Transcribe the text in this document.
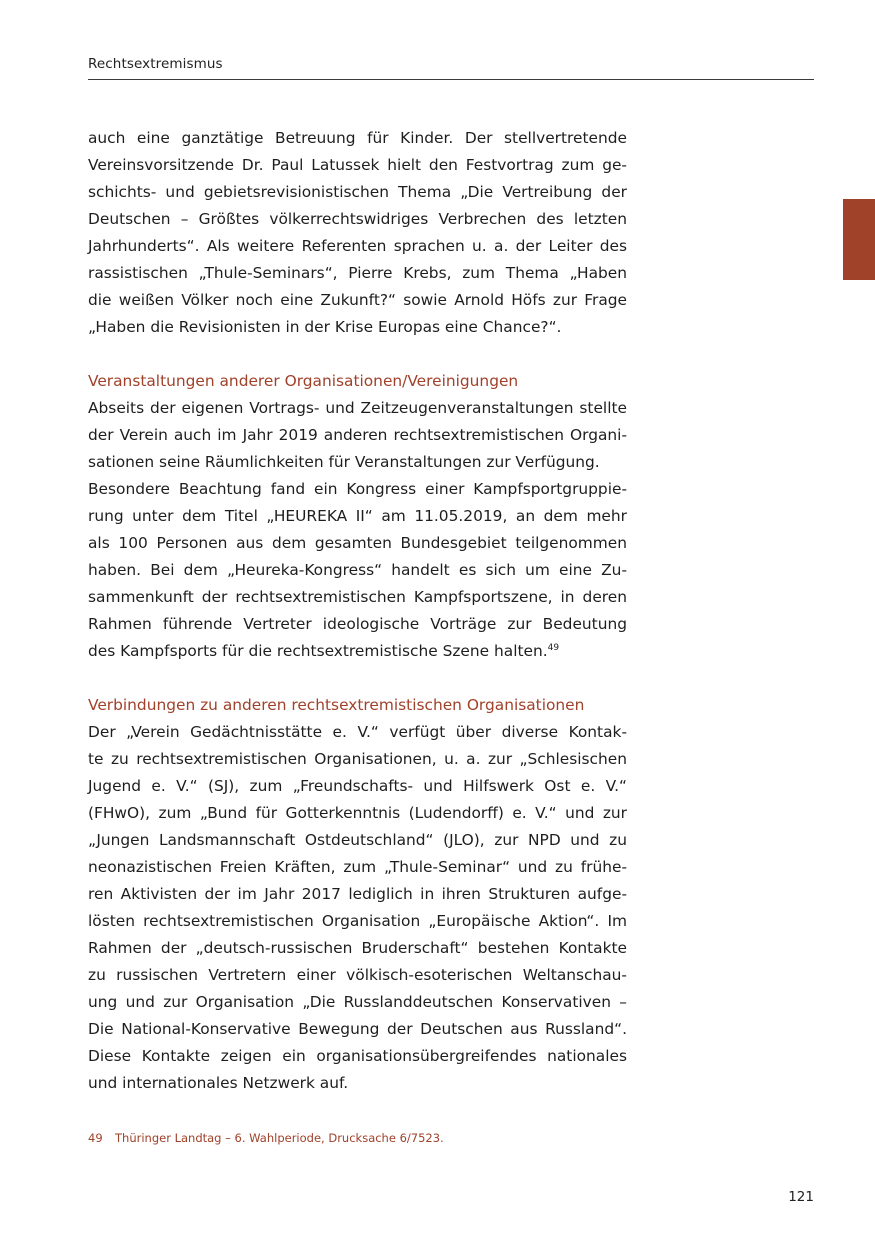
Rechtsextremismus
auch eine ganztätige Betreuung für Kinder. Der stellvertretende
Vereinsvorsitzende Dr. Paul Latussek hielt den Festvortrag zum ge-
schichts- und gebietsrevisionistischen Thema „Die Vertreibung der
Deutschen – Größtes völkerrechtswidriges Verbrechen des letzten
Jahrhunderts“. Als weitere Referenten sprachen u. a. der Leiter des
rassistischen „Thule-Seminars“, Pierre Krebs, zum Thema „Haben
die weißen Völker noch eine Zukunft?“ sowie Arnold Höfs zur Frage
„Haben die Revisionisten in der Krise Europas eine Chance?“.
Veranstaltungen anderer Organisationen/Vereinigungen
Abseits der eigenen Vortrags- und Zeitzeugenveranstaltungen stellte
der Verein auch im Jahr 2019 anderen rechtsextremistischen Organi-
sationen seine Räumlichkeiten für Veranstaltungen zur Verfügung.
Besondere Beachtung fand ein Kongress einer Kampfsportgruppie-
rung unter dem Titel „HEUREKA II“ am 11.05.2019, an dem mehr
als 100 Personen aus dem gesamten Bundesgebiet teilgenommen
haben. Bei dem „Heureka-Kongress“ handelt es sich um eine Zu-
sammenkunft der rechtsextremistischen Kampfsportszene, in deren
Rahmen führende Vertreter ideologische Vorträge zur Bedeutung
des Kampfsports für die rechtsextremistische Szene halten.$^{49}$
Verbindungen zu anderen rechtsextremistischen Organisationen
Der „Verein Gedächtnisstätte e. V.“ verfügt über diverse Kontak-
te zu rechtsextremistischen Organisationen, u. a. zur „Schlesischen
Jugend e. V.“ (SJ), zum „Freundschafts- und Hilfswerk Ost e. V.“
(FHwO), zum „Bund für Gotterkenntnis (Ludendorff) e. V.“ und zur
„Jungen Landsmannschaft Ostdeutschland“ (JLO), zur NPD und zu
neonazistischen Freien Kräften, zum „Thule-Seminar“ und zu frühe-
ren Aktivisten der im Jahr 2017 lediglich in ihren Strukturen aufge-
lösten rechtsextremistischen Organisation „Europäische Aktion“. Im
Rahmen der „deutsch-russischen Bruderschaft“ bestehen Kontakte
zu russischen Vertretern einer völkisch-esoterischen Weltanschau-
ung und zur Organisation „Die Russlanddeutschen Konservativen –
Die National-Konservative Bewegung der Deutschen aus Russland“.
Diese Kontakte zeigen ein organisationsübergreifendes nationales
und internationales Netzwerk auf.
49 Thüringer Landtag – 6. Wahlperiode, Drucksache 6/7523.
121
